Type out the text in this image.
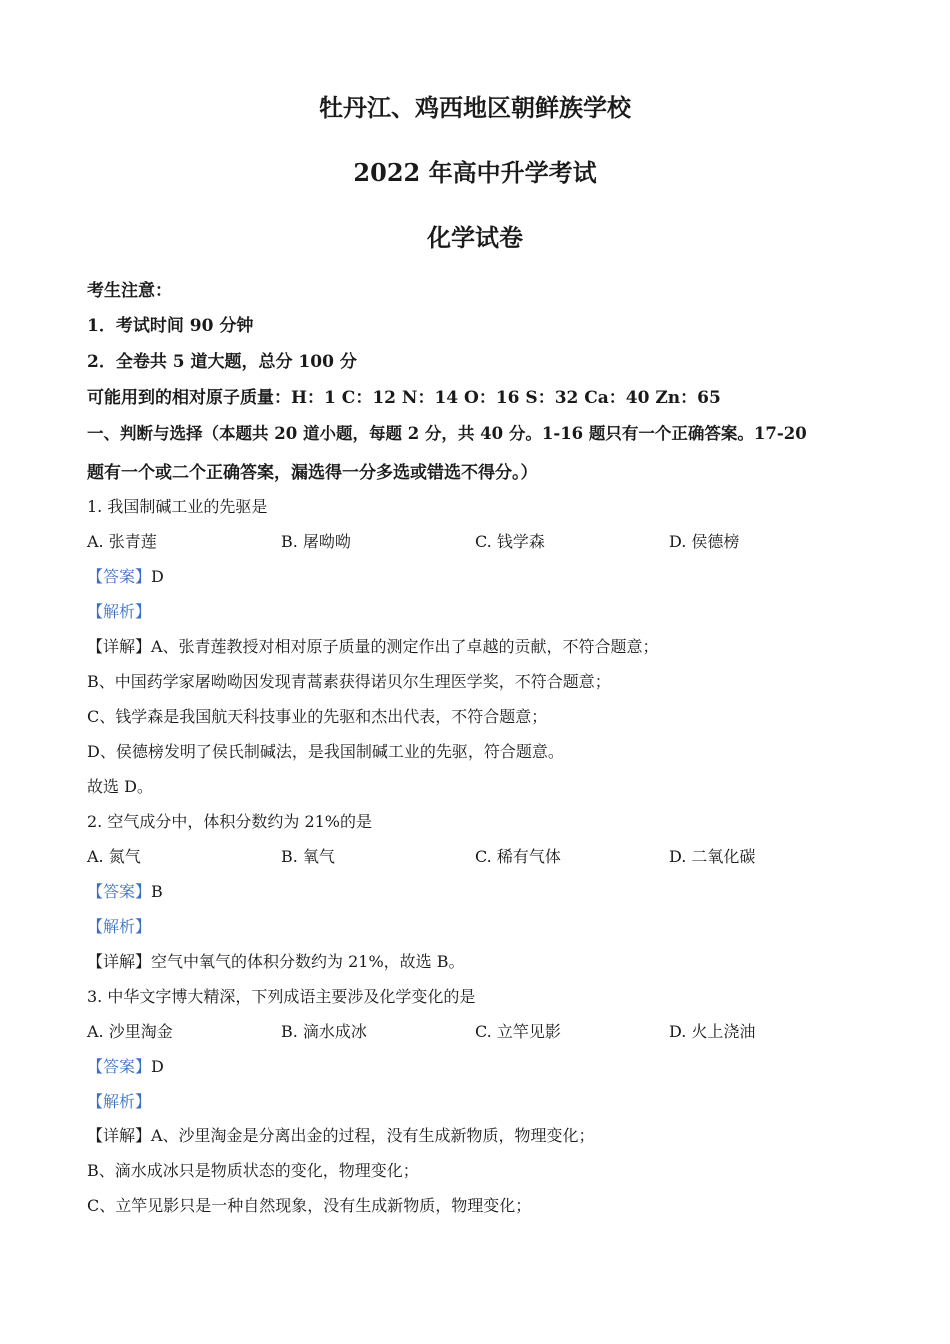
牡丹江、鸡西地区朝鲜族学校
2022 年高中升学考试
化学试卷
考生注意：
1．考试时间 90 分钟
2．全卷共 5 道大题，总分 100 分
可能用到的相对原子质量：H：1 C：12 N：14 O：16 S：32 Ca：40 Zn：65
一、判断与选择（本题共 20 道小题，每题 2 分，共 40 分。1-16 题只有一个正确答案。17-20
题有一个或二个正确答案，漏选得一分多选或错选不得分。）
1. 我国制碱工业的先驱是
A. 张青莲	B. 屠呦呦	C. 钱学森	D. 侯德榜
【答案】D
【解析】
【详解】A、张青莲教授对相对原子质量的测定作出了卓越的贡献，不符合题意；
B、中国药学家屠呦呦因发现青蒿素获得诺贝尔生理医学奖，不符合题意；
C、钱学森是我国航天科技事业的先驱和杰出代表，不符合题意；
D、侯德榜发明了侯氏制碱法，是我国制碱工业的先驱，符合题意。
故选 D。
2. 空气成分中，体积分数约为 21%的是
A. 氮气	B. 氧气	C. 稀有气体	D. 二氧化碳
【答案】B
【解析】
【详解】空气中氧气的体积分数约为 21%，故选 B。
3. 中华文字博大精深，下列成语主要涉及化学变化的是
A. 沙里淘金	B. 滴水成冰	C. 立竿见影	D. 火上浇油
【答案】D
【解析】
【详解】A、沙里淘金是分离出金的过程，没有生成新物质，物理变化；
B、滴水成冰只是物质状态的变化，物理变化；
C、立竿见影只是一种自然现象，没有生成新物质，物理变化；
